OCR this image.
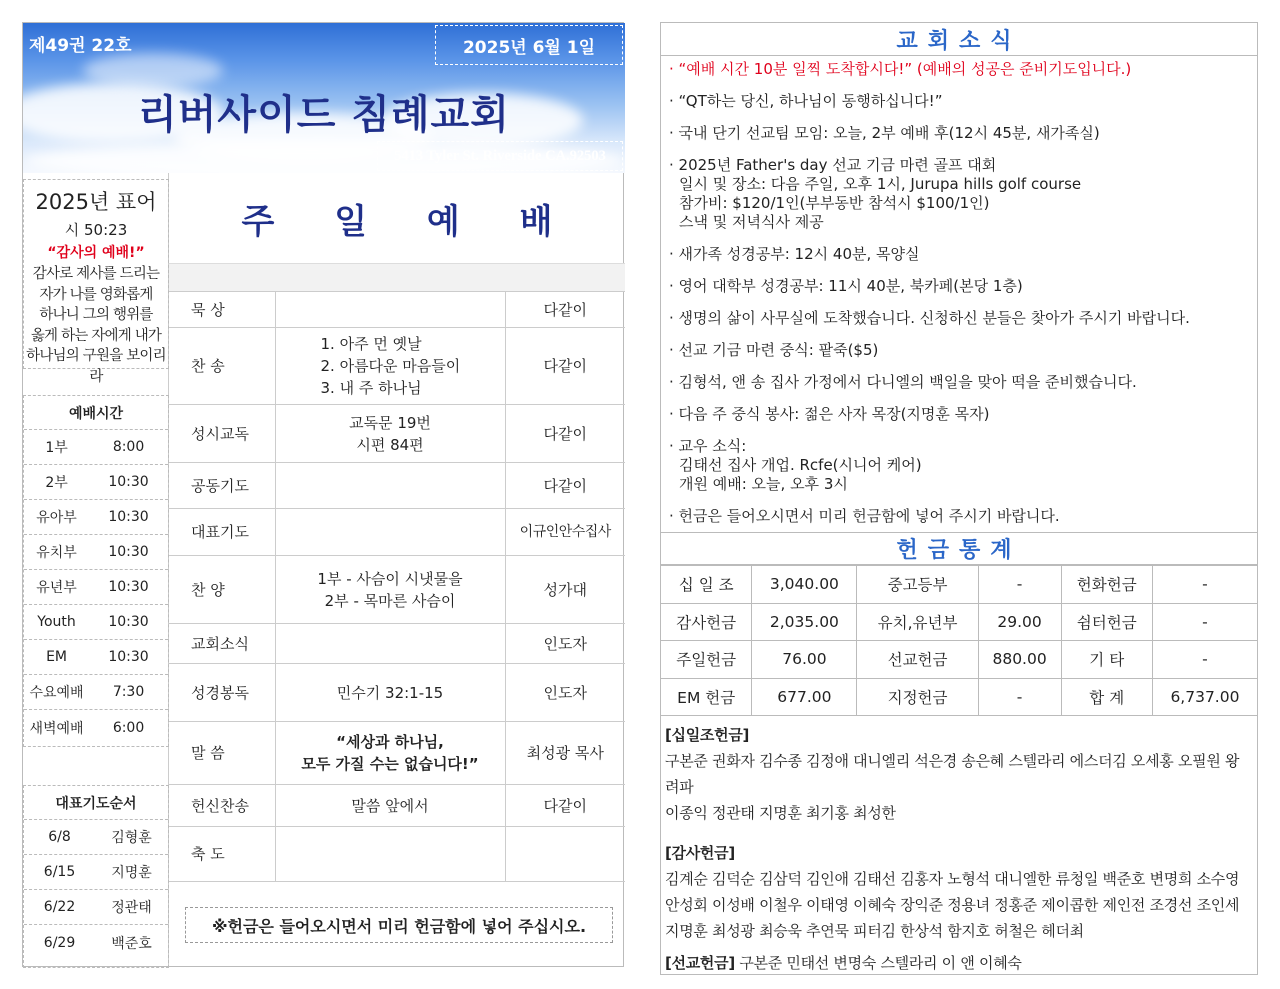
제49권 22호	2025년 6월 1일
리버사이드 침례교회
5413 Tyler St. Riverside CA.92503
2025년 표어
시 50:23
“감사의 예배!”
감사로 제사를 드리는
자가 나를 영화롭게
하나니 그의 행위를
옳게 하는 자에게 내가
하나님의 구원을 보이리라
예배시간
1부	8:00
2부	10:30
유아부	10:30
유치부	10:30
유년부	10:30
Youth	10:30
EM	10:30
수요예배	7:30
새벽예배	6:00
대표기도순서
6/8	김형훈
6/15	지명훈
6/22	정관태
6/29	백준호
주 일 예 배
묵 상		다같이
찬 송	1. 아주 먼 옛날
2. 아름다운 마음들이
3. 내 주 하나님	다같이
성시교독	교독문 19번
시편 84편	다같이
공동기도		다같이
대표기도		이규인안수집사
찬 양	1부 - 사슴이 시냇물을
2부 - 목마른 사슴이	성가대
교회소식		인도자
성경봉독	민수기 32:1-15	인도자
말 씀	“세상과 하나님,
모두 가질 수는 없습니다!”	최성광 목사
헌신찬송	말씀 앞에서	다같이
축 도		
※헌금은 들어오시면서 미리 헌금함에 넣어 주십시오.
교회소식
· “예배 시간 10분 일찍 도착합시다!” (예배의 성공은 준비기도입니다.)
· “QT하는 당신, 하나님이 동행하십니다!”
· 국내 단기 선교팀 모임: 오늘, 2부 예배 후(12시 45분, 새가족실)
· 2025년 Father's day 선교 기금 마련 골프 대회
일시 및 장소: 다음 주일, 오후 1시, Jurupa hills golf course
참가비: $120/1인(부부동반 참석시 $100/1인)
스낵 및 저녁식사 제공
· 새가족 성경공부: 12시 40분, 목양실
· 영어 대학부 성경공부: 11시 40분, 북카페(본당 1층)
· 생명의 삶이 사무실에 도착했습니다. 신청하신 분들은 찾아가 주시기 바랍니다.
· 선교 기금 마련 중식: 팥죽($5)
· 김형석, 앤 송 집사 가정에서 다니엘의 백일을 맞아 떡을 준비했습니다.
· 다음 주 중식 봉사: 젊은 사자 목장(지명훈 목자)
· 교우 소식:
김태선 집사 개업. Rcfe(시니어 케어)
개원 예배: 오늘, 오후 3시
· 헌금은 들어오시면서 미리 헌금함에 넣어 주시기 바랍니다.
헌금통계
십 일 조	3,040.00	중고등부	-	헌화헌금	-
감사헌금	2,035.00	유치,유년부	29.00	쉼터헌금	-
주일헌금	76.00	선교헌금	880.00	기 타	-
EM 헌금	677.00	지정헌금	-	합 계	6,737.00

[십일조헌금]
구본준 권화자 김수종 김정애 대니엘리 석은경 송은혜 스텔라리 에스더김 오세홍 오필원 왕려파
이종익 정관태 지명훈 최기홍 최성한

[감사헌금]
김계순 김덕순 김삼덕 김인애 김태선 김홍자 노형석 대니엘한 류청일 백준호 변명희 소수영
안성회 이성배 이철우 이태영 이혜숙 장익준 정용녀 정홍준 제이콥한 제인전 조경선 조인세
지명훈 최성광 최승욱 추연묵 피터김 한상석 함지호 허철은 헤더최

[선교헌금] 구본준 민태선 변명숙 스텔라리 이 앤 이혜숙
